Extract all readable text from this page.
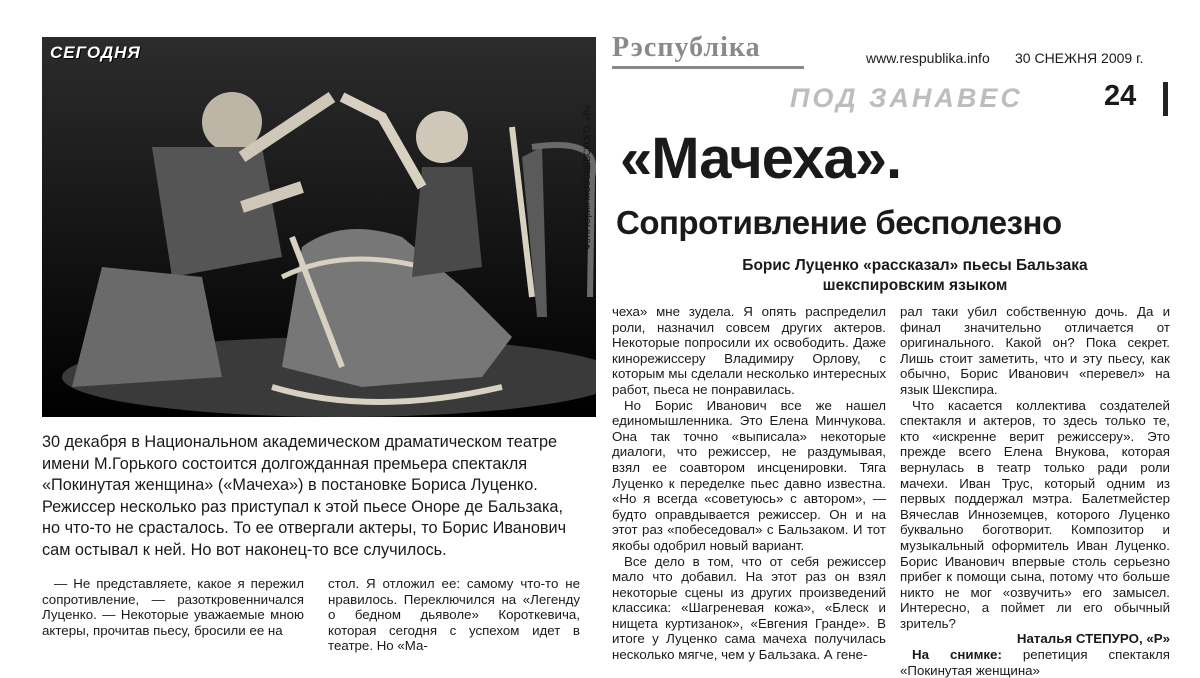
СЕГОДНЯ
Фото Юрия МОЗОЛЕВСКОГО, «Р»
Рэспублiка	www.respublika.info 30 СНЕЖНЯ 2009 г.
ПОД ЗАНАВЕС	24
«Мачеха».
Сопротивление бесполезно
Борис Луценко «рассказал» пьесы Бальзака шекспировским языком
30 декабря в Национальном академическом драматическом театре имени М.Горького состоится долгожданная премьера спектакля «Покинутая женщина» («Мачеха») в постановке Бориса Луценко. Режиссер несколько раз приступал к этой пьесе Оноре де Бальзака, но что-то не срасталось. То ее отвергали актеры, то Борис Иванович сам остывал к ней. Но вот наконец-то все случилось.

— Не представляете, какое я пережил сопротивление, — разоткровенничался Луценко. — Некоторые уважаемые мною актеры, прочитав пьесу, бросили ее на

стол. Я отложил ее: самому что-то не нравилось. Переключился на «Легенду о бедном дьяволе» Короткевича, которая сегодня с успехом идет в театре. Но «Ма-

чеха» мне зудела. Я опять распределил роли, назначил совсем других актеров. Некоторые попросили их освободить. Даже кинорежиссеру Владимиру Орлову, с которым мы сделали несколько интересных работ, пьеса не понравилась.

Но Борис Иванович все же нашел единомышленника. Это Елена Минчукова. Она так точно «выписала» некоторые диалоги, что режиссер, не раздумывая, взял ее соавтором инсценировки. Тяга Луценко к переделке пьес давно известна. «Но я всегда «советуюсь» с автором», — будто оправдывается режиссер. Он и на этот раз «побеседовал» с Бальзаком. И тот якобы одобрил новый вариант.

Все дело в том, что от себя режиссер мало что добавил. На этот раз он взял некоторые сцены из других произведений классика: «Шагреневая кожа», «Блеск и нищета куртизанок», «Евгения Гранде». В итоге у Луценко сама мачеха получилась несколько мягче, чем у Бальзака. А гене-

рал таки убил собственную дочь. Да и финал значительно отличается от оригинального. Какой он? Пока секрет. Лишь стоит заметить, что и эту пьесу, как обычно, Борис Иванович «перевел» на язык Шекспира.

Что касается коллектива создателей спектакля и актеров, то здесь только те, кто «искренне верит режиссеру». Это прежде всего Елена Внукова, которая вернулась в театр только ради роли мачехи. Иван Трус, который одним из первых поддержал мэтра. Балетмейстер Вячеслав Инноземцев, которого Луценко буквально боготворит. Композитор и музыкальный оформитель Иван Луценко. Борис Иванович впервые столь серьезно прибег к помощи сына, потому что больше никто не мог «озвучить» его замысел. Интересно, а поймет ли его обычный зритель?

Наталья СТЕПУРО, «Р»

На снимке: репетиция спектакля «Покинутая женщина»
